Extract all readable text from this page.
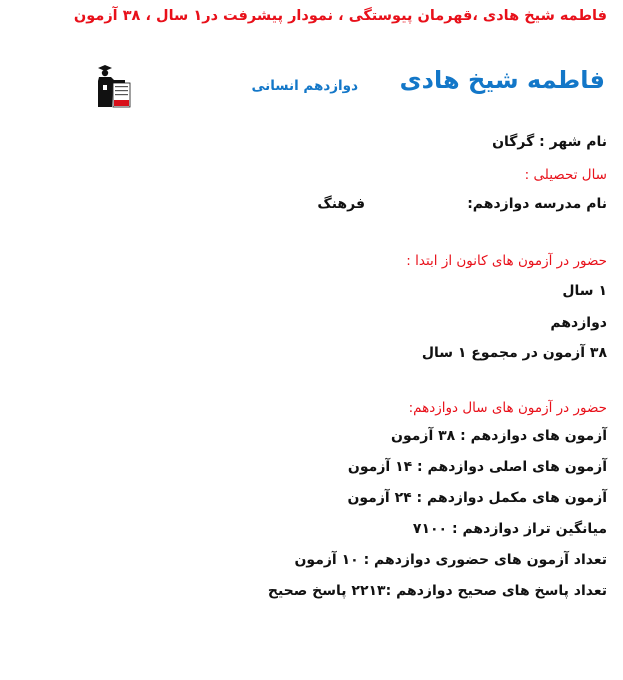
فاطمه شیخ هادی ،قهرمان پیوستگی ، نمودار پیشرفت در۱ سال ، ۳۸ آزمون
فاطمه شیخ هادی
دوازدهم انسانی
نام شهر : گرگان
سال تحصیلی :
نام مدرسه دوازدهم:
فرهنگ
حضور در آزمون های کانون از ابتدا :
۱ سال
دوازدهم
۳۸ آزمون در مجموع ۱ سال
حضور در آزمون های سال دوازدهم:
آزمون های دوازدهم : ۳۸ آزمون
آزمون های اصلی دوازدهم : ۱۴ آزمون
آزمون های مکمل دوازدهم : ۲۴ آزمون
میانگین تراز دوازدهم : ۷۱۰۰
تعداد آزمون های حضوری دوازدهم : ۱۰ آزمون
تعداد پاسخ های صحیح دوازدهم :۲۲۱۳ پاسخ صحیح
